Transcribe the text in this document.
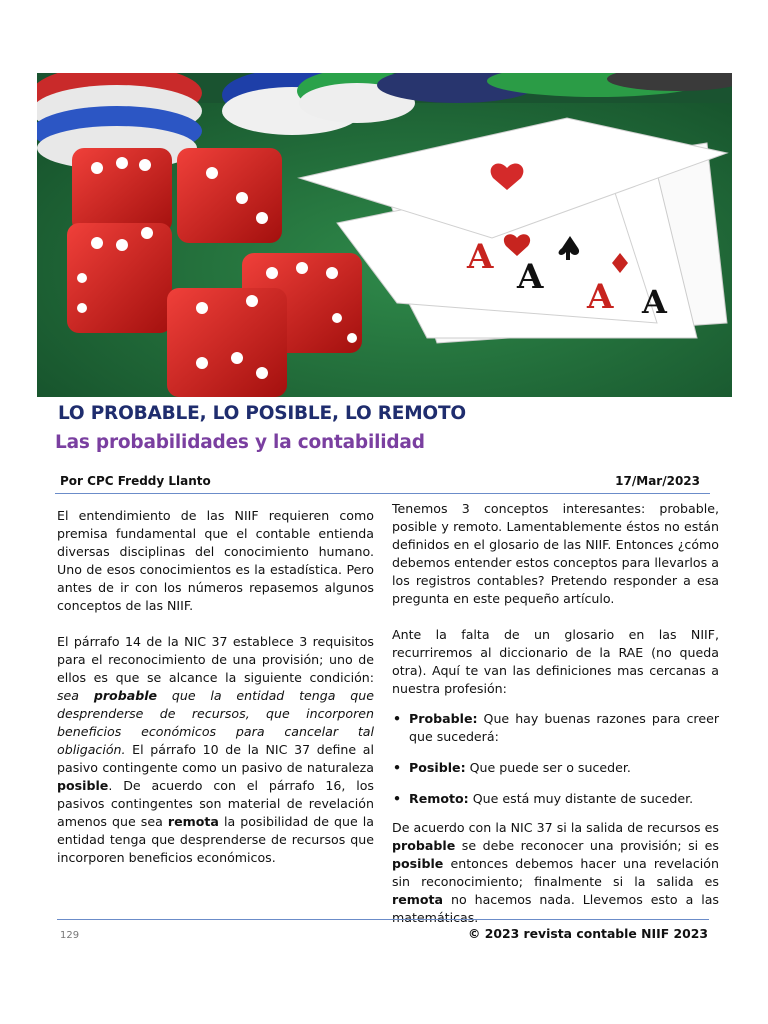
A A A A
LO PROBABLE, LO POSIBLE, LO REMOTO
Las probabilidades y la contabilidad
Por CPC Freddy Llanto	17/Mar/2023

El entendimiento de las NIIF requieren como premisa fundamental que el contable entienda diversas disciplinas del conocimiento humano. Uno de esos conocimientos es la estadística. Pero antes de ir con los números repasemos algunos conceptos de las NIIF.

El párrafo 14 de la NIC 37 establece 3 requisitos para el reconocimiento de una provisión; uno de ellos es que se alcance la siguiente condición: sea probable que la entidad tenga que desprenderse de recursos, que incorporen beneficios económicos para cancelar tal obligación. El párrafo 10 de la NIC 37 define al pasivo contingente como un pasivo de naturaleza posible. De acuerdo con el párrafo 16, los pasivos contingentes son material de revelación amenos que sea remota la posibilidad de que la entidad tenga que desprenderse de recursos que incorporen beneficios económicos.

Tenemos 3 conceptos interesantes: probable, posible y remoto. Lamentablemente éstos no están definidos en el glosario de las NIIF. Entonces ¿cómo debemos entender estos conceptos para llevarlos a los registros contables? Pretendo responder a esa pregunta en este pequeño artículo.

Ante la falta de un glosario en las NIIF, recurriremos al diccionario de la RAE (no queda otra). Aquí te van las definiciones mas cercanas a nuestra profesión:

• Probable: Que hay buenas razones para creer que sucederá:
• Posible: Que puede ser o suceder.
• Remoto: Que está muy distante de suceder.

De acuerdo con la NIC 37 si la salida de recursos es probable se debe reconocer una provisión; si es posible entonces debemos hacer una revelación sin reconocimiento; finalmente si la salida es remota no hacemos nada. Llevemos esto a las matemáticas.

129	© 2023 revista contable NIIF 2023
